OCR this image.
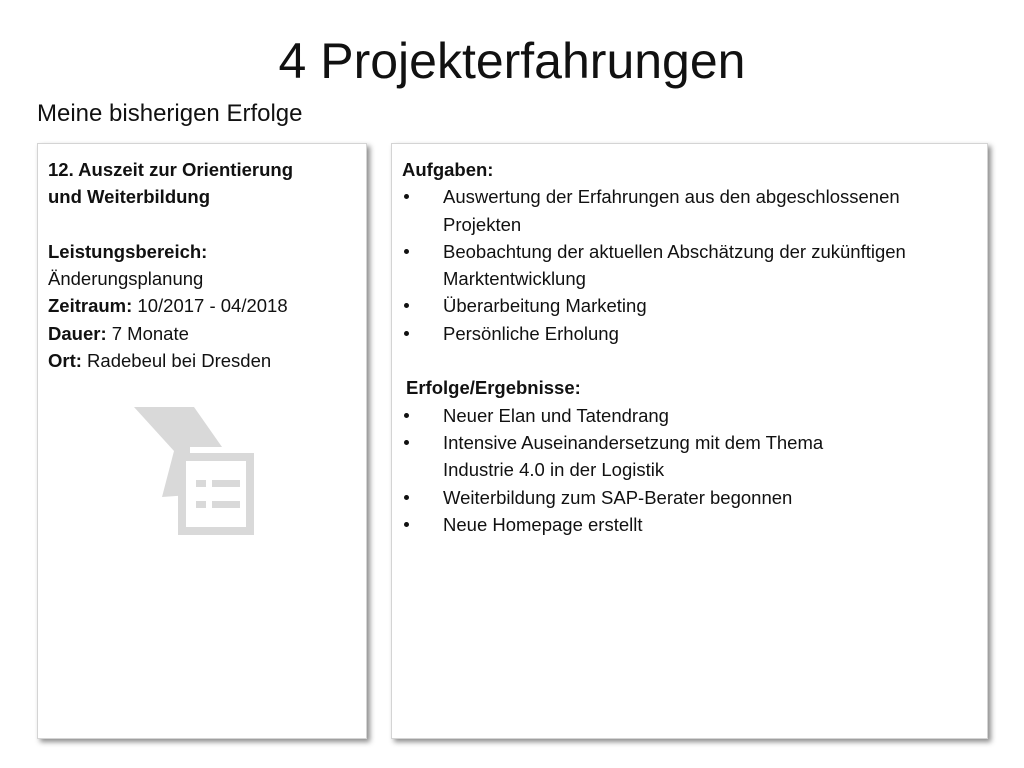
4 Projekterfahrungen
Meine bisherigen Erfolge
12. Auszeit zur Orientierung
und Weiterbildung
Leistungsbereich:
Änderungsplanung
Zeitraum: 10/2017 - 04/2018
Dauer: 7 Monate
Ort: Radebeul bei Dresden
Aufgaben:
Auswertung der Erfahrungen aus den abgeschlossenen
Projekten
Beobachtung der aktuellen Abschätzung der zukünftigen
Marktentwicklung
Überarbeitung Marketing
Persönliche Erholung
Erfolge/Ergebnisse:
Neuer Elan und Tatendrang
Intensive Auseinandersetzung mit dem Thema
Industrie 4.0 in der Logistik
Weiterbildung zum SAP-Berater begonnen
Neue Homepage erstellt
